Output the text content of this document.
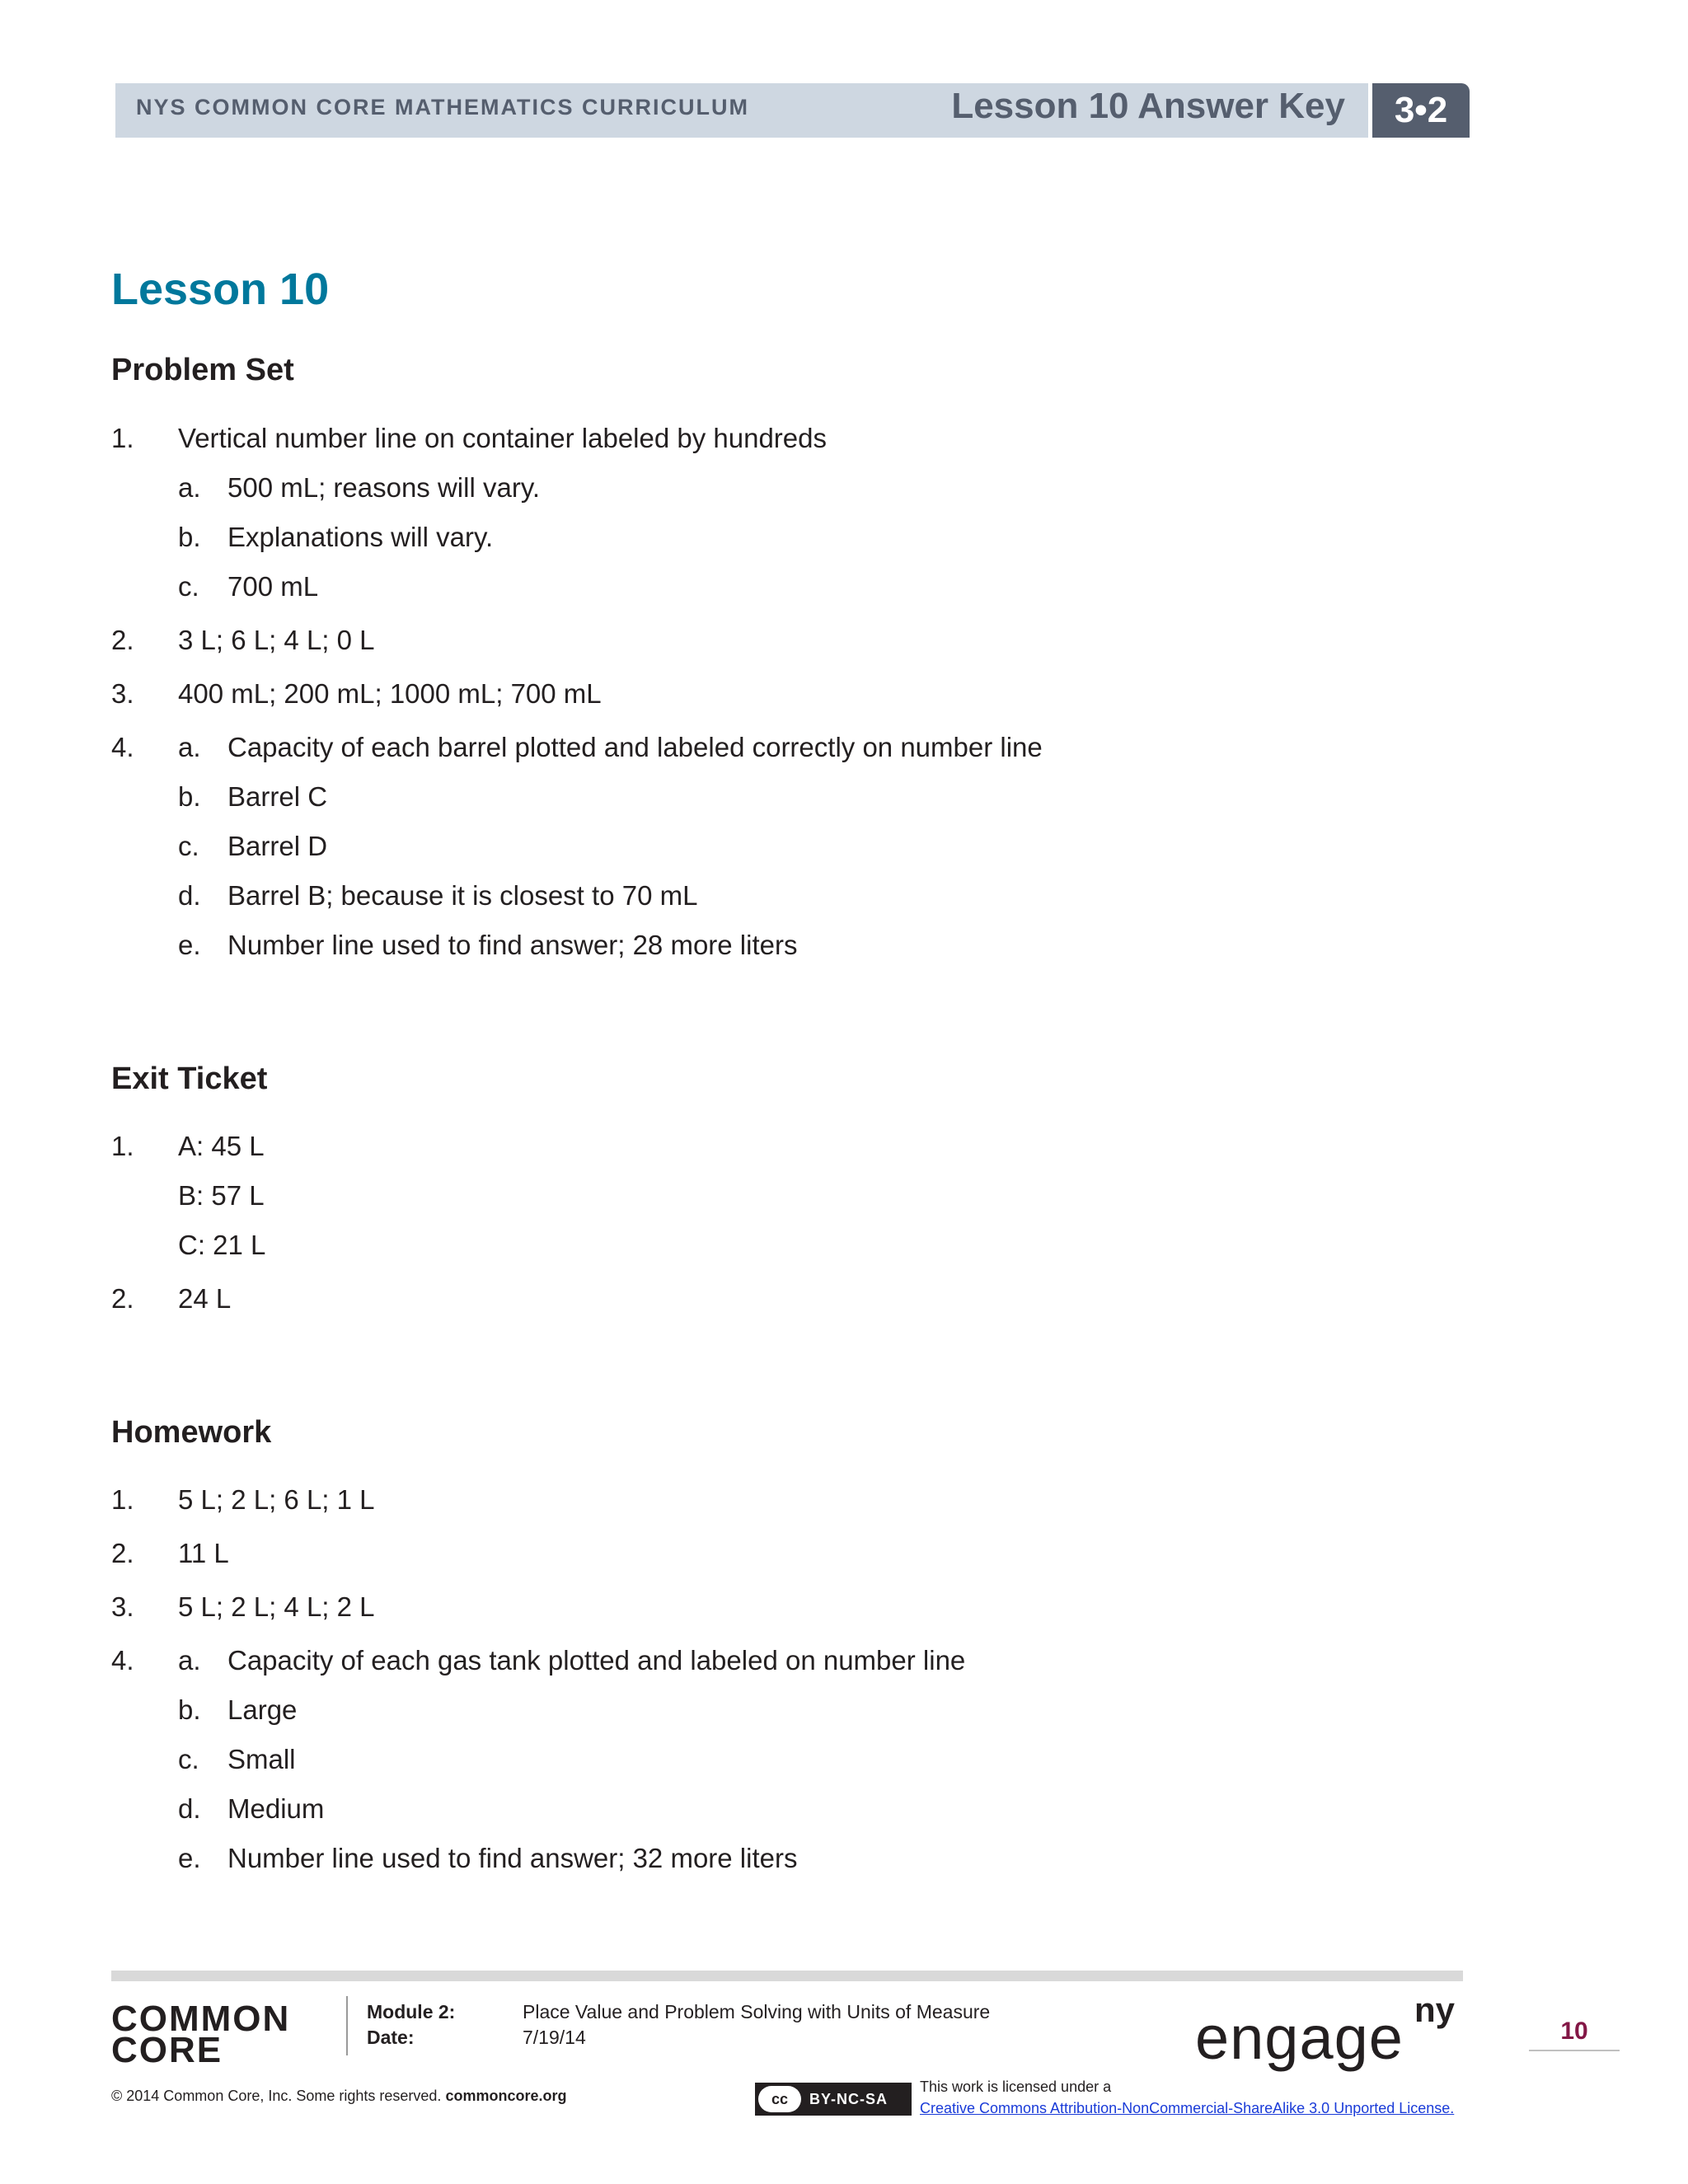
NYS COMMON CORE MATHEMATICS CURRICULUM	Lesson 10 Answer Key	3•2
Lesson 10
Problem Set
1. Vertical number line on container labeled by hundreds
a. 500 mL; reasons will vary.
b. Explanations will vary.
c. 700 mL
2. 3 L; 6 L; 4 L; 0 L
3. 400 mL; 200 mL; 1000 mL; 700 mL
4. a. Capacity of each barrel plotted and labeled correctly on number line
b. Barrel C
c. Barrel D
d. Barrel B; because it is closest to 70 mL
e. Number line used to find answer; 28 more liters
Exit Ticket
1. A: 45 L
B: 57 L
C: 21 L
2. 24 L
Homework
1. 5 L; 2 L; 6 L; 1 L
2. 11 L
3. 5 L; 2 L; 4 L; 2 L
4. a. Capacity of each gas tank plotted and labeled on number line
b. Large
c. Small
d. Medium
e. Number line used to find answer; 32 more liters
COMMON
CORE
Module 2:	Place Value and Problem Solving with Units of Measure
Date:	7/19/14	engage ny
10
© 2014 Common Core, Inc. Some rights reserved. commoncore.org	cc	BY-NC-SA
This work is licensed under a
Creative Commons Attribution-NonCommercial-ShareAlike 3.0 Unported License.
